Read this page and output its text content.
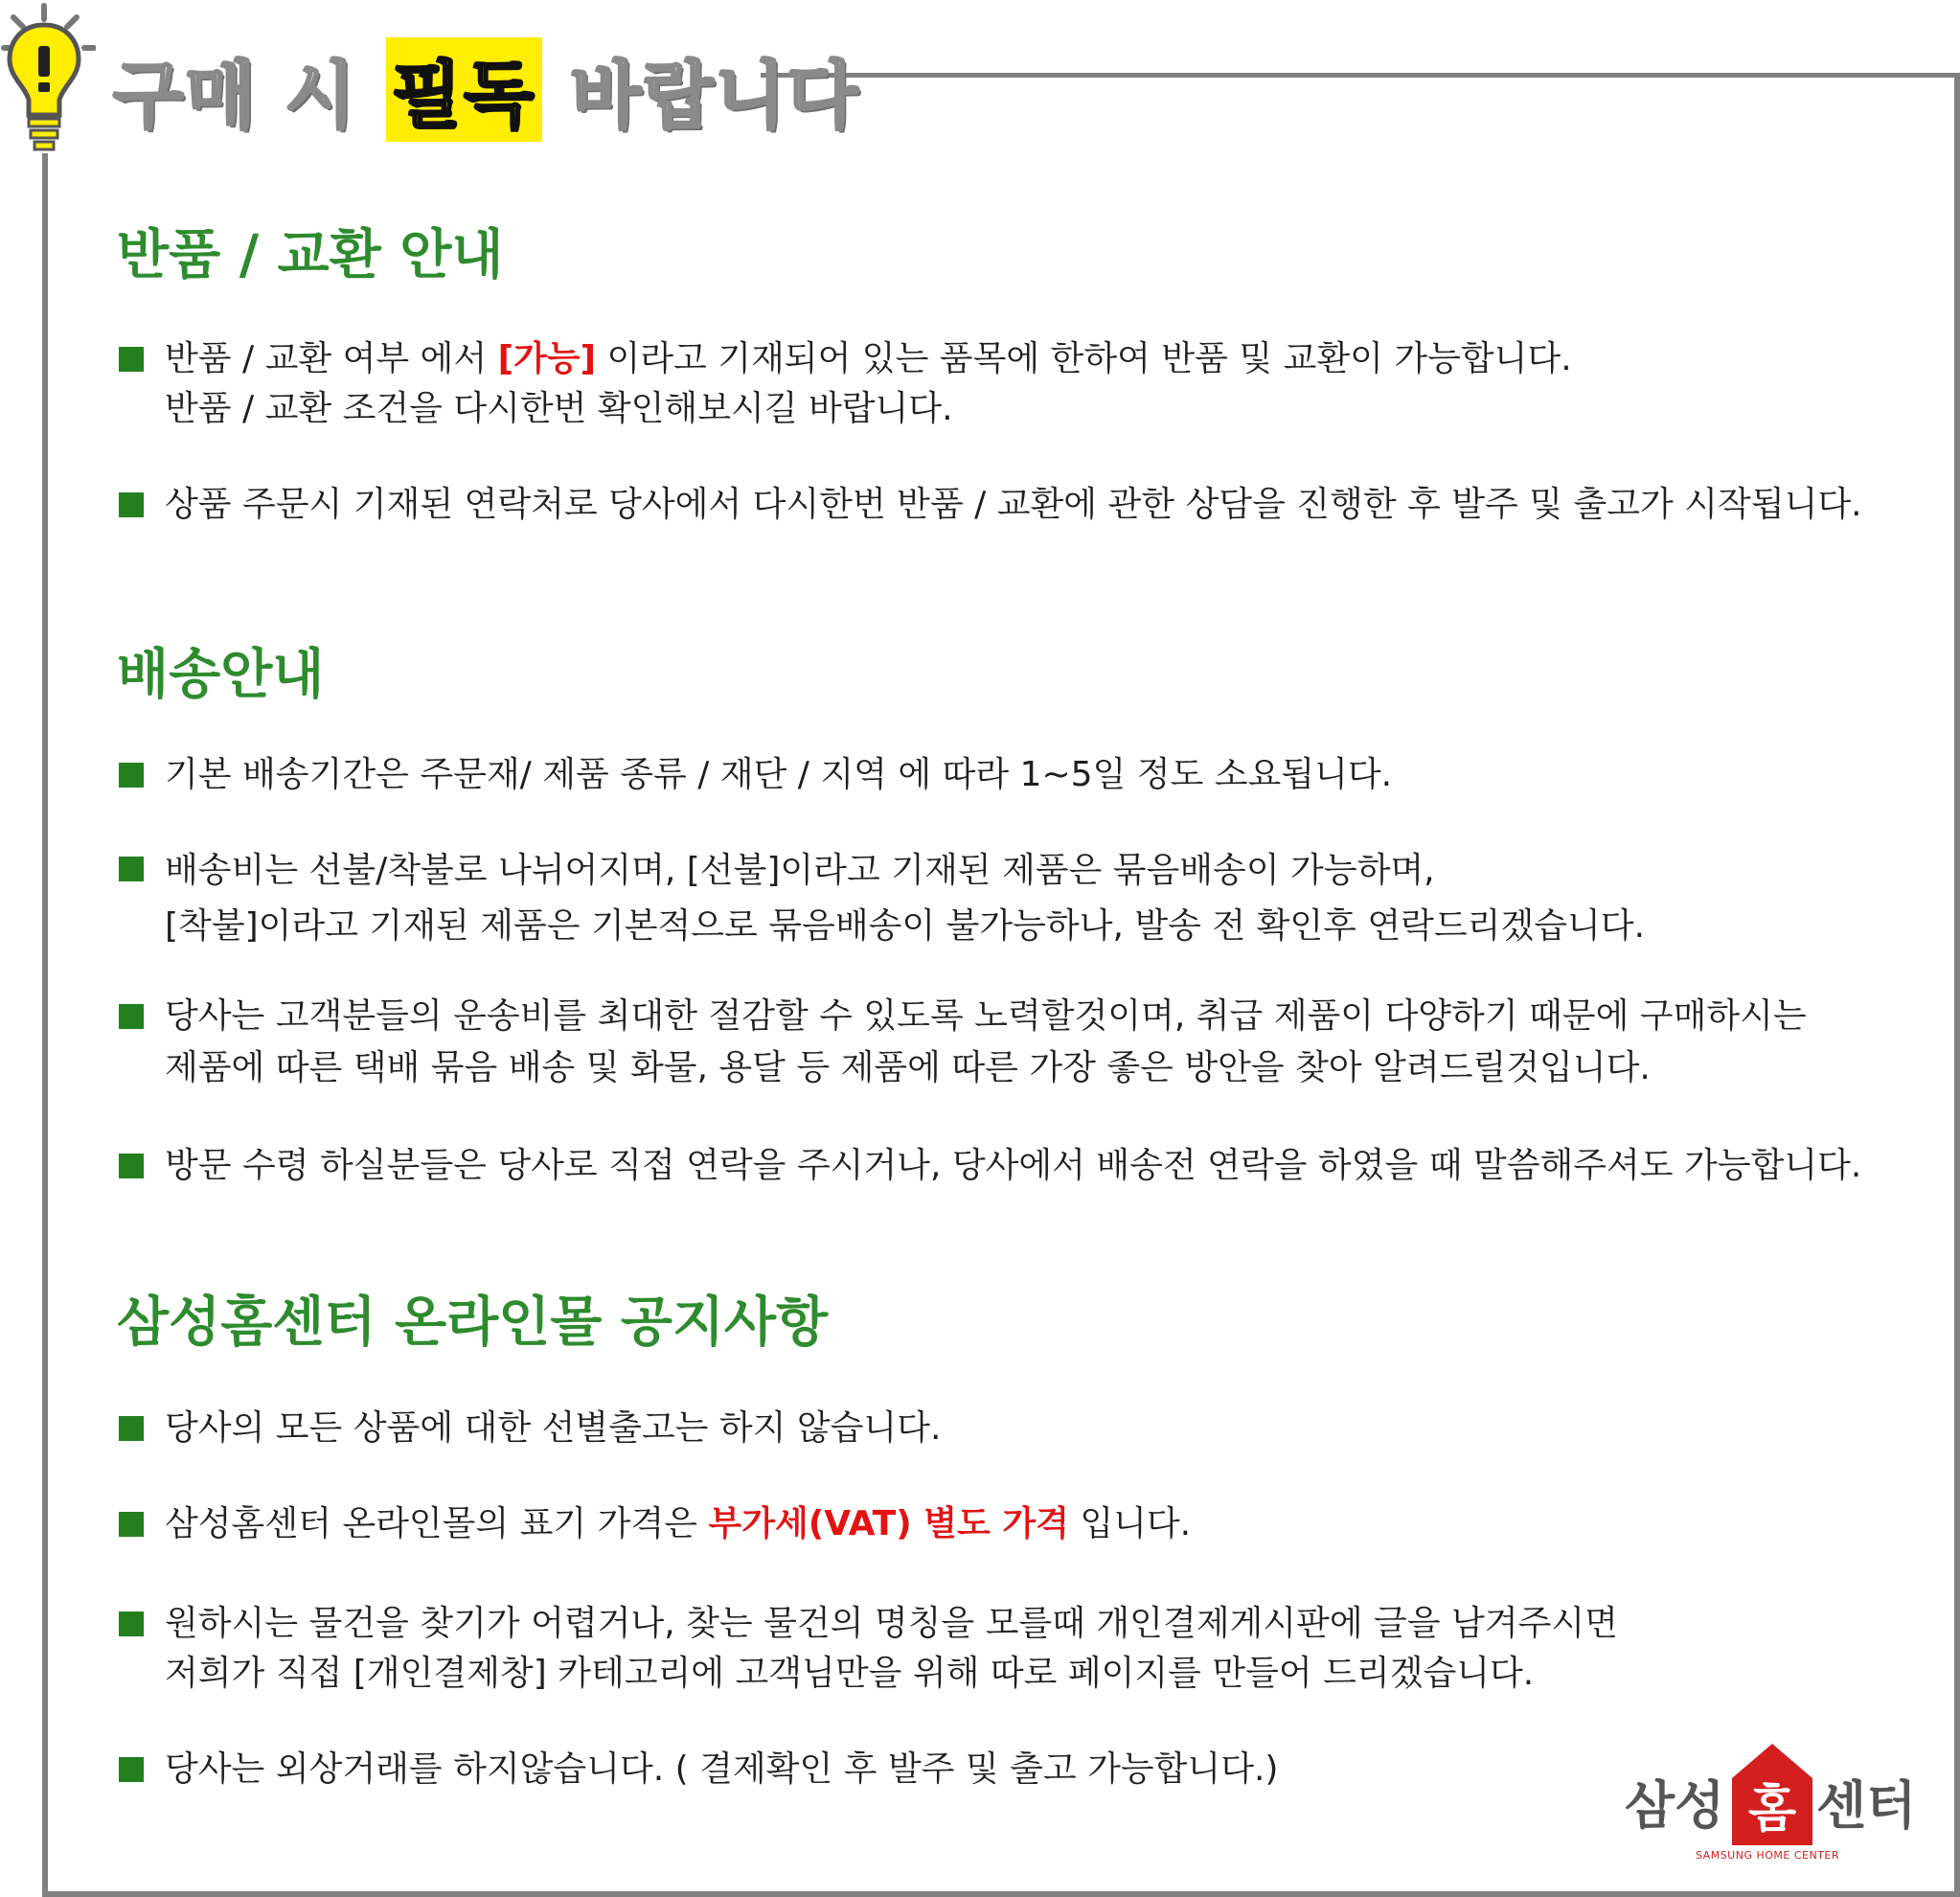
구매 시 필독 바랍니다
반품 / 교환 안내
반품 / 교환 여부 에서 [가능] 이라고 기재되어 있는 품목에 한하여 반품 및 교환이 가능합니다.
반품 / 교환 조건을 다시한번 확인해보시길 바랍니다.
상품 주문시 기재된 연락처로 당사에서 다시한번 반품 / 교환에 관한 상담을 진행한 후 발주 및 출고가 시작됩니다.
배송안내
기본 배송기간은 주문재/ 제품 종류 / 재단 / 지역 에 따라 1~5일 정도 소요됩니다.
배송비는 선불/착불로 나뉘어지며, [선불]이라고 기재된 제품은 묶음배송이 가능하며,
[착불]이라고 기재된 제품은 기본적으로 묶음배송이 불가능하나, 발송 전 확인후 연락드리겠습니다.
당사는 고객분들의 운송비를 최대한 절감할 수 있도록 노력할것이며, 취급 제품이 다양하기 때문에 구매하시는
제품에 따른 택배 묶음 배송 및 화물, 용달 등 제품에 따른 가장 좋은 방안을 찾아 알려드릴것입니다.
방문 수령 하실분들은 당사로 직접 연락을 주시거나, 당사에서 배송전 연락을 하였을 때 말씀해주셔도 가능합니다.
삼성홈센터 온라인몰 공지사항
당사의 모든 상품에 대한 선별출고는 하지 않습니다.
삼성홈센터 온라인몰의 표기 가격은 부가세(VAT) 별도 가격 입니다.
원하시는 물건을 찾기가 어렵거나, 찾는 물건의 명칭을 모를때 개인결제게시판에 글을 남겨주시면
저희가 직접 [개인결제창] 카테고리에 고객님만을 위해 따로 페이지를 만들어 드리겠습니다.
당사는 외상거래를 하지않습니다. ( 결제확인 후 발주 및 출고 가능합니다.)
삼성 홈 센터
SAMSUNG HOME CENTER
